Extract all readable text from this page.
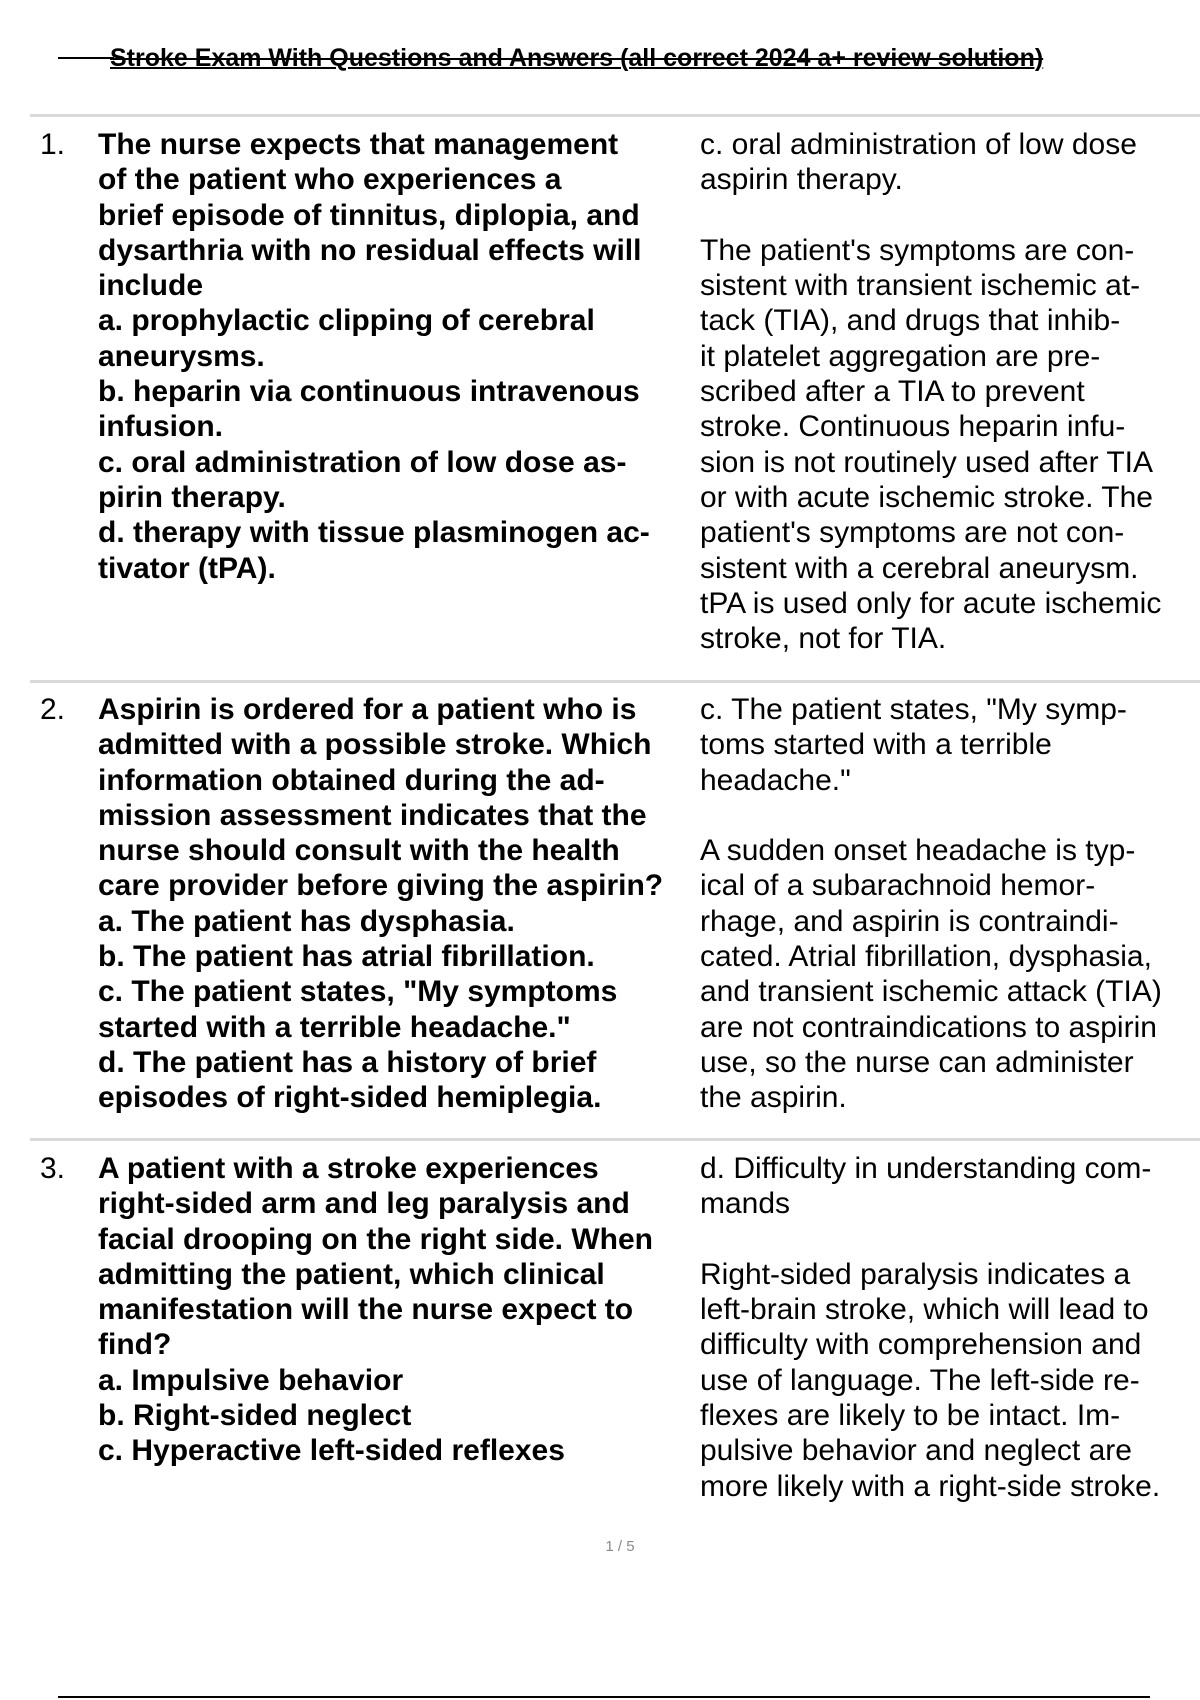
Stroke Exam With Questions and Answers (all correct 2024 a+ review solution)
1. The nurse expects that management
of the patient who experiences a
brief episode of tinnitus, diplopia, and
dysarthria with no residual effects will
include
a. prophylactic clipping of cerebral
aneurysms.
b. heparin via continuous intravenous
infusion.
c. oral administration of low dose as-
pirin therapy.
d. therapy with tissue plasminogen ac-
tivator (tPA).
c. oral administration of low dose
aspirin therapy.

The patient's symptoms are con-
sistent with transient ischemic at-
tack (TIA), and drugs that inhib-
it platelet aggregation are pre-
scribed after a TIA to prevent
stroke. Continuous heparin infu-
sion is not routinely used after TIA
or with acute ischemic stroke. The
patient's symptoms are not con-
sistent with a cerebral aneurysm.
tPA is used only for acute ischemic
stroke, not for TIA.
2. Aspirin is ordered for a patient who is
admitted with a possible stroke. Which
information obtained during the ad-
mission assessment indicates that the
nurse should consult with the health
care provider before giving the aspirin?
a. The patient has dysphasia.
b. The patient has atrial fibrillation.
c. The patient states, "My symptoms
started with a terrible headache."
d. The patient has a history of brief
episodes of right-sided hemiplegia.
c. The patient states, "My symp-
toms started with a terrible
headache."

A sudden onset headache is typ-
ical of a subarachnoid hemor-
rhage, and aspirin is contraindi-
cated. Atrial fibrillation, dysphasia,
and transient ischemic attack (TIA)
are not contraindications to aspirin
use, so the nurse can administer
the aspirin.
3. A patient with a stroke experiences
right-sided arm and leg paralysis and
facial drooping on the right side. When
admitting the patient, which clinical
manifestation will the nurse expect to
find?
a. Impulsive behavior
b. Right-sided neglect
c. Hyperactive left-sided reflexes
d. Difficulty in understanding com-
mands

Right-sided paralysis indicates a
left-brain stroke, which will lead to
difficulty with comprehension and
use of language. The left-side re-
flexes are likely to be intact. Im-
pulsive behavior and neglect are
more likely with a right-side stroke.
1 / 5
